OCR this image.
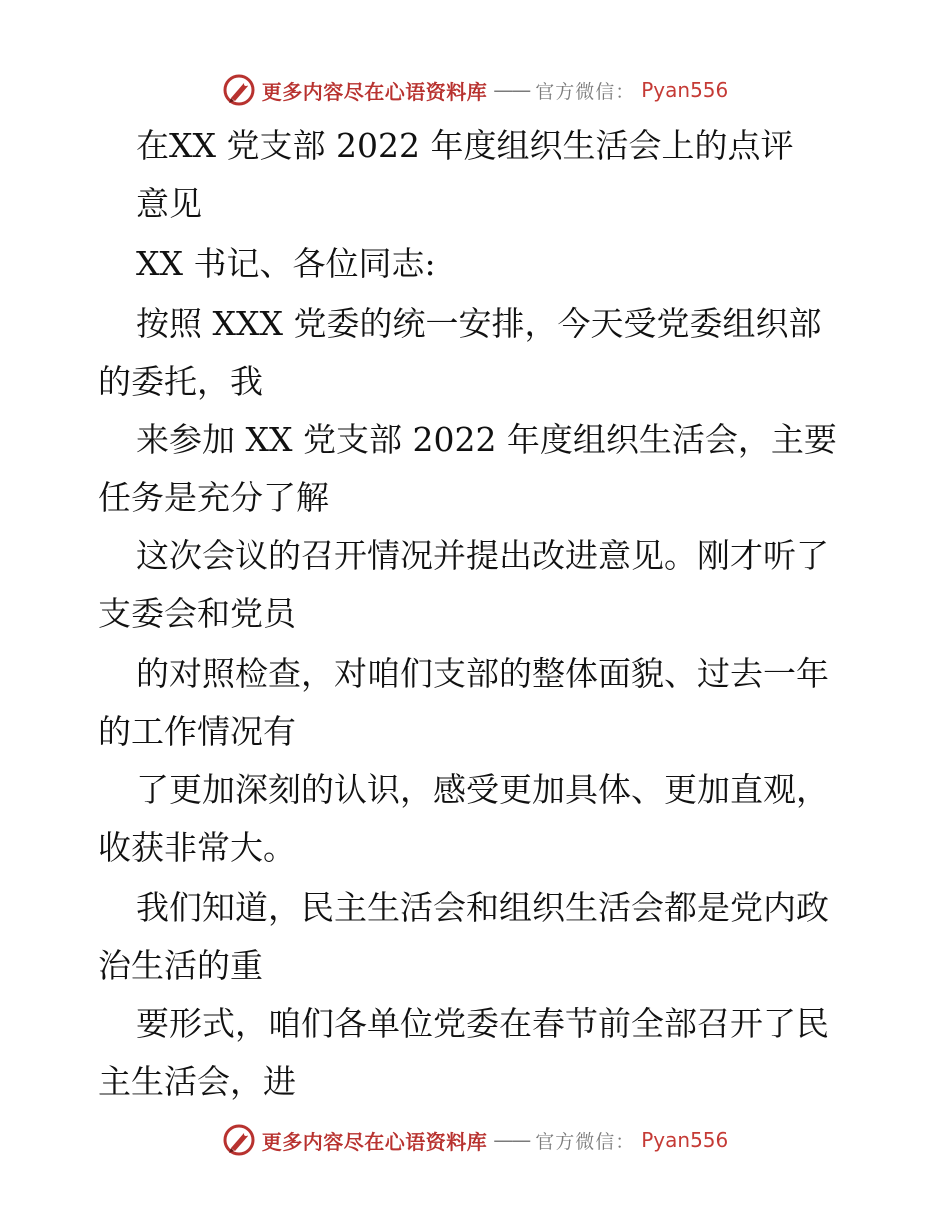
更多内容尽在心语资料库 —— 官方微信： Pyan556
在XX 党支部 2022 年度组织生活会上的点评
意见
XX 书记、各位同志:
按照 XXX 党委的统一安排，今天受党委组织部
的委托，我
来参加 XX 党支部 2022 年度组织生活会，主要
任务是充分了解
这次会议的召开情况并提出改进意见。刚才听了
支委会和党员
的对照检查，对咱们支部的整体面貌、过去一年
的工作情况有
了更加深刻的认识，感受更加具体、更加直观，
收获非常大。
我们知道，民主生活会和组织生活会都是党内政
治生活的重
要形式，咱们各单位党委在春节前全部召开了民
主生活会，进
更多内容尽在心语资料库 —— 官方微信： Pyan556
